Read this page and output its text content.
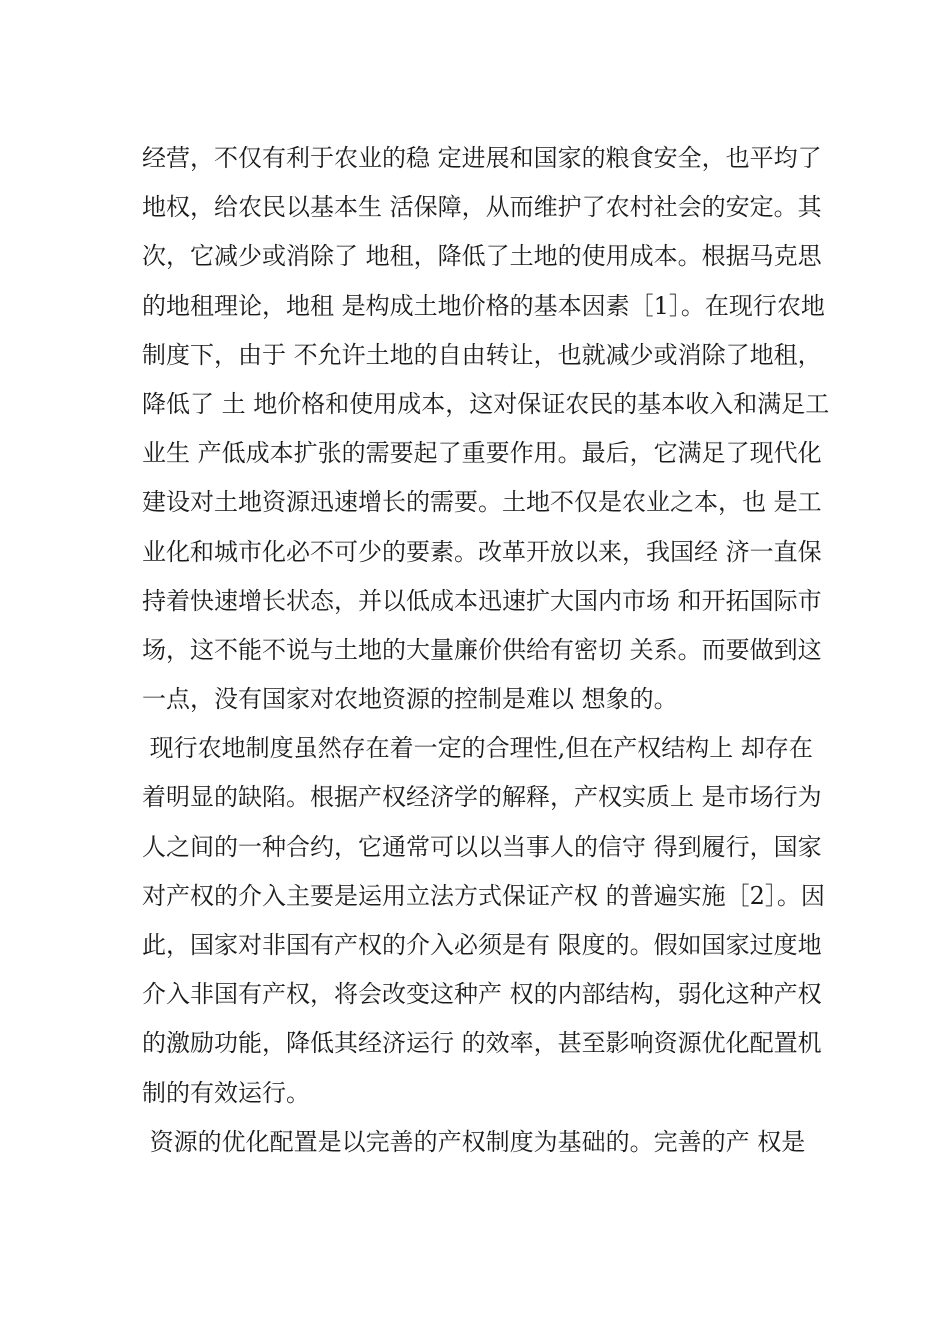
经营，不仅有利于农业的稳 定进展和国家的粮食安全，也平均了
地权，给农民以基本生 活保障，从而维护了农村社会的安定。其
次，它减少或消除了 地租，降低了土地的使用成本。根据马克思
的地租理论，地租 是构成土地价格的基本因素［1］。在现行农地
制度下，由于 不允许土地的自由转让，也就减少或消除了地租，
降低了 土 地价格和使用成本，这对保证农民的基本收入和满足工
业生 产低成本扩张的需要起了重要作用。最后，它满足了现代化
建设对土地资源迅速增长的需要。土地不仅是农业之本，也 是工
业化和城市化必不可少的要素。改革开放以来，我国经 济一直保
持着快速增长状态，并以低成本迅速扩大国内市场 和开拓国际市
场，这不能不说与土地的大量廉价供给有密切 关系。而要做到这
一点，没有国家对农地资源的控制是难以 想象的。
现行农地制度虽然存在着一定的合理性,但在产权结构上 却存在
着明显的缺陷。根据产权经济学的解释，产权实质上 是市场行为
人之间的一种合约，它通常可以以当事人的信守 得到履行，国家
对产权的介入主要是运用立法方式保证产权 的普遍实施［2］。因
此，国家对非国有产权的介入必须是有 限度的。假如国家过度地
介入非国有产权，将会改变这种产 权的内部结构，弱化这种产权
的激励功能，降低其经济运行 的效率，甚至影响资源优化配置机
制的有效运行。
资源的优化配置是以完善的产权制度为基础的。完善的产 权是
